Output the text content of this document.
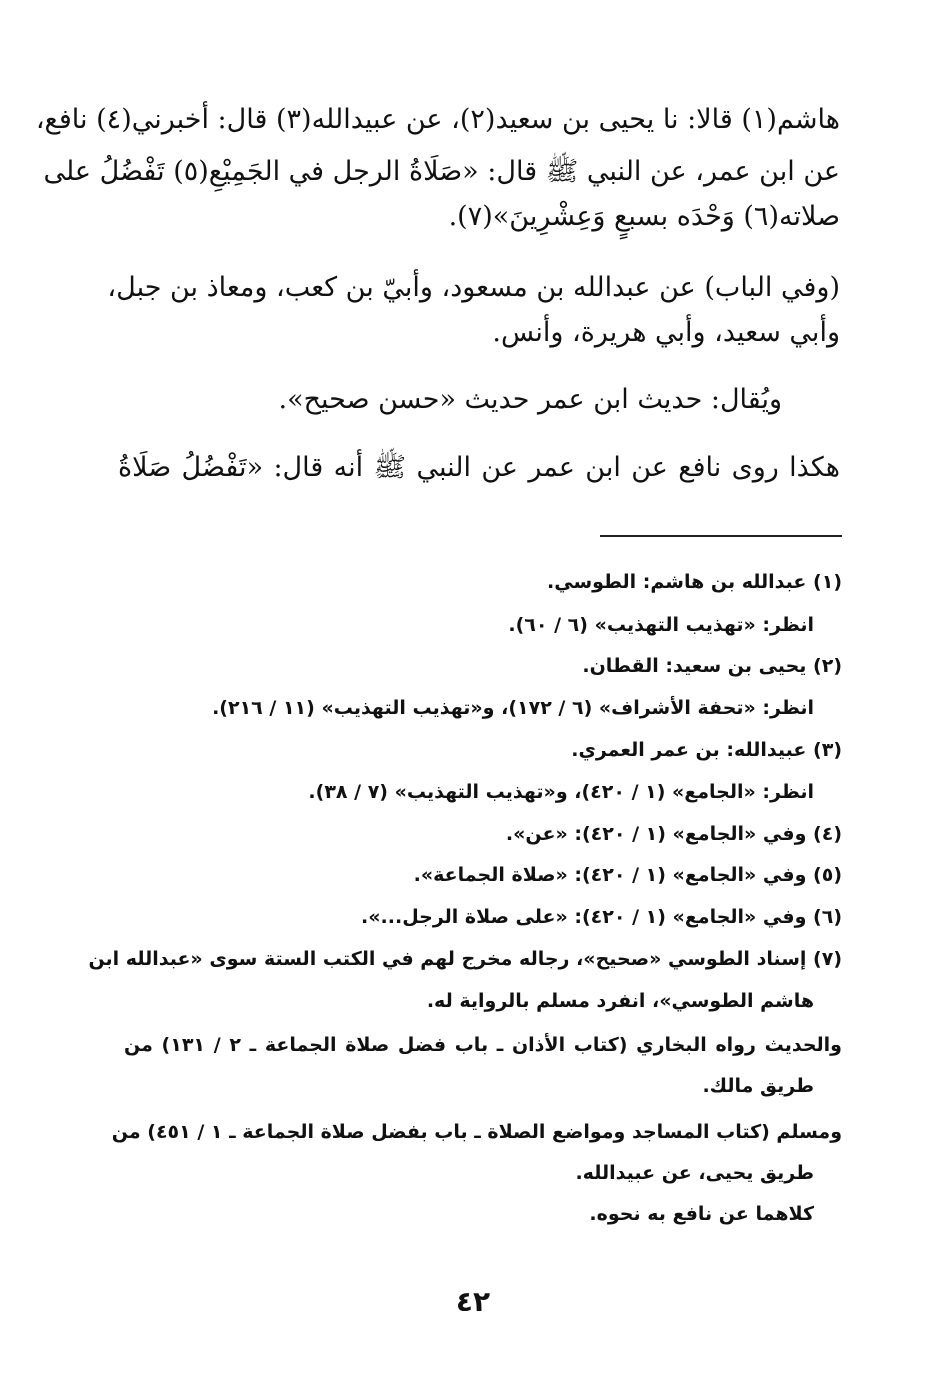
هاشم(١) قالا: نا يحيى بن سعيد(٢)، عن عبيدالله(٣) قال: أخبرني(٤) نافع،
عن ابن عمر، عن النبي ﷺ قال: «صَلَاةُ الرجل في الجَمِيْعِ(٥) تَفْضُلُ على
صلاته(٦) وَحْدَه بسبعٍ وَعِشْرِينَ»(٧).
(وفي الباب) عن عبدالله بن مسعود، وأبيّ بن كعب، ومعاذ بن جبل،
وأبي سعيد، وأبي هريرة، وأنس.
ويُقال: حديث ابن عمر حديث «حسن صحيح».
هكذا روى نافع عن ابن عمر عن النبي ﷺ أنه قال: «تَفْضُلُ صَلَاةُ
(١) عبدالله بن هاشم: الطوسي.
انظر: «تهذيب التهذيب» (٦ / ٦٠).
(٢) يحيى بن سعيد: القطان.
انظر: «تحفة الأشراف» (٦ / ١٧٢)، و«تهذيب التهذيب» (١١ / ٢١٦).
(٣) عبيدالله: بن عمر العمري.
انظر: «الجامع» (١ / ٤٢٠)، و«تهذيب التهذيب» (٧ / ٣٨).
(٤) وفي «الجامع» (١ / ٤٢٠): «عن».
(٥) وفي «الجامع» (١ / ٤٢٠): «صلاة الجماعة».
(٦) وفي «الجامع» (١ / ٤٢٠): «على صلاة الرجل...».
(٧) إسناد الطوسي «صحيح»، رجاله مخرج لهم في الكتب الستة سوى «عبدالله ابن
هاشم الطوسي»، انفرد مسلم بالرواية له.
والحديث رواه البخاري (كتاب الأذان ـ باب فضل صلاة الجماعة ـ ٢ / ١٣١) من
طريق مالك.
ومسلم (كتاب المساجد ومواضع الصلاة ـ باب بفضل صلاة الجماعة ـ ١ / ٤٥١) من
طريق يحيى، عن عبيدالله.
كلاهما عن نافع به نحوه.
٤٢
